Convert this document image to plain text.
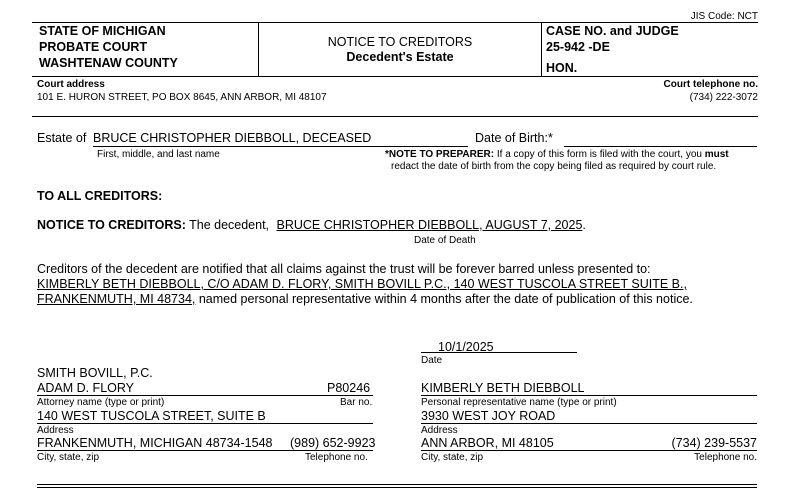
JIS Code: NCT
STATE OF MICHIGAN
PROBATE COURT
WASHTENAW COUNTY
NOTICE TO CREDITORS
Decedent's Estate
CASE NO. and JUDGE
25-942 -DE
HON.
Court address
101 E. HURON STREET, PO BOX 8645, ANN ARBOR, MI 48107
Court telephone no.
(734) 222-3072
Estate of BRUCE CHRISTOPHER DIEBBOLL, DECEASED
First, middle, and last name
Date of Birth:*
*NOTE TO PREPARER: If a copy of this form is filed with the court, you must
redact the date of birth from the copy being filed as required by court rule.
TO ALL CREDITORS:
NOTICE TO CREDITORS: The decedent, BRUCE CHRISTOPHER DIEBBOLL, AUGUST 7, 2025.
Date of Death
Creditors of the decedent are notified that all claims against the trust will be forever barred unless presented to:
KIMBERLY BETH DIEBBOLL, C/O ADAM D. FLORY, SMITH BOVILL P.C., 140 WEST TUSCOLA STREET SUITE B.,
FRANKENMUTH, MI 48734, named personal representative within 4 months after the date of publication of this notice.
10/1/2025
Date
SMITH BOVILL, P.C.
ADAM D. FLORY	P80246
Attorney name (type or print)	Bar no.
140 WEST TUSCOLA STREET, SUITE B
Address
FRANKENMUTH, MICHIGAN 48734-1548 (989) 652-9923
City, state, zip	Telephone no.
KIMBERLY BETH DIEBBOLL
Personal representative name (type or print)
3930 WEST JOY ROAD
Address
ANN ARBOR, MI 48105	(734) 239-5537
City, state, zip	Telephone no.
